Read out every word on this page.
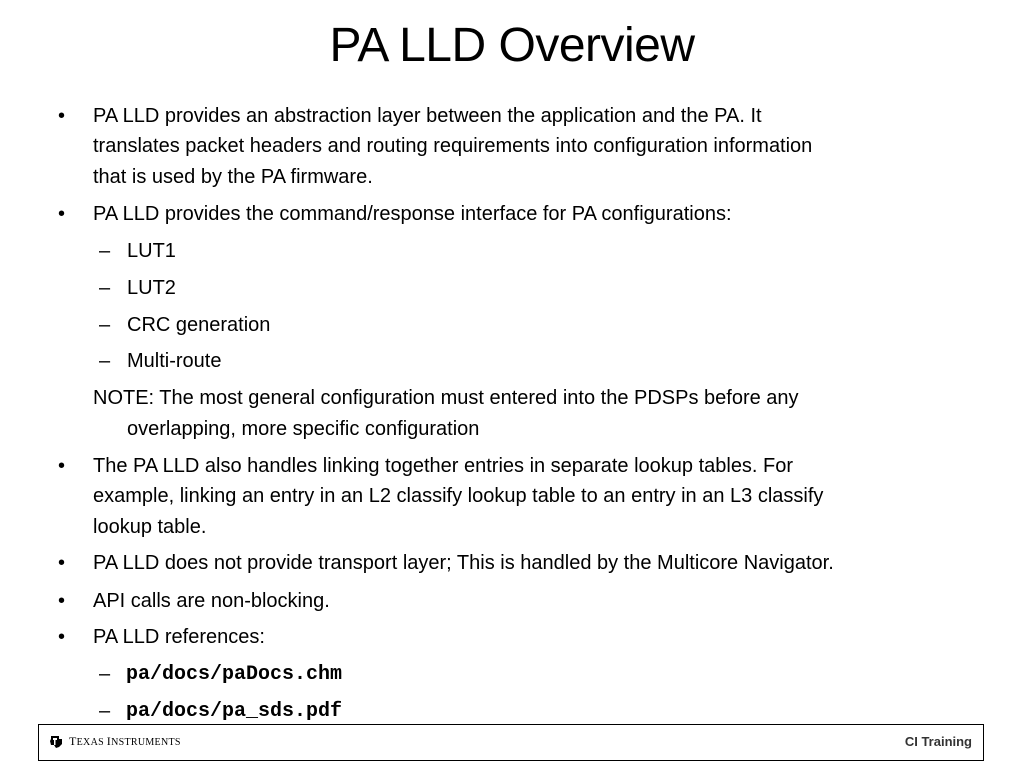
PA LLD Overview
• PA LLD provides an abstraction layer between the application and the PA. It
translates packet headers and routing requirements into configuration information
that is used by the PA firmware.
• PA LLD provides the command/response interface for PA configurations:
– LUT1
– LUT2
– CRC generation
– Multi-route
NOTE: The most general configuration must entered into the PDSPs before any
overlapping, more specific configuration
• The PA LLD also handles linking together entries in separate lookup tables. For
example, linking an entry in an L2 classify lookup table to an entry in an L3 classify
lookup table.
• PA LLD does not provide transport layer; This is handled by the Multicore Navigator.
• API calls are non-blocking.
• PA LLD references:
– pa/docs/paDocs.chm
– pa/docs/pa_sds.pdf
TEXAS INSTRUMENTS	CI Training
